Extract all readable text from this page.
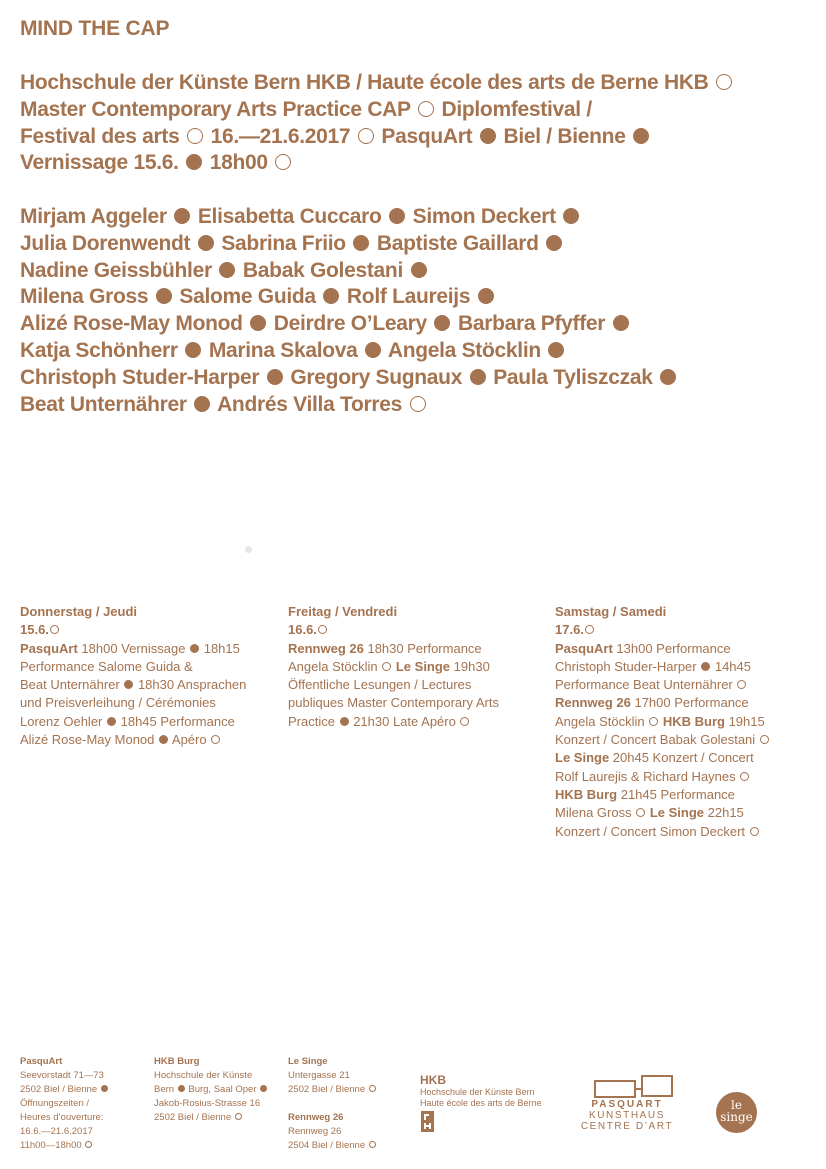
MIND THE CAP
Hochschule der Künste Bern HKB / Haute école des arts de Berne HKB
Master Contemporary Arts Practice CAP Diplomfestival /
Festival des arts 16.—21.6.2017 PasquArt Biel / Bienne
Vernissage 15.6. 18h00
Mirjam Aggeler Elisabetta Cuccaro Simon Deckert
Julia Dorenwendt Sabrina Friio Baptiste Gaillard
Nadine Geissbühler Babak Golestani
Milena Gross Salome Guida Rolf Laureijs
Alizé Rose-May Monod Deirdre O’Leary Barbara Pfyffer
Katja Schönherr Marina Skalova Angela Stöcklin
Christoph Studer-Harper Gregory Sugnaux Paula Tyliszczak
Beat Unternährer Andrés Villa Torres
Donnerstag / Jeudi
15.6.
PasquArt 18h00 Vernissage  18h15
Performance Salome Guida &
Beat Unternährer  18h30 Ansprachen
und Preisverleihung / Cérémonies
Lorenz Oehler  18h45 Performance
Alizé Rose-May Monod  Apéro
Freitag / Vendredi
16.6.
Rennweg 26 18h30 Performance
Angela Stöcklin  Le Singe 19h30
Öffentliche Lesungen / Lectures
publiques Master Contemporary Arts
Practice  21h30 Late Apéro
Samstag / Samedi
17.6.
PasquArt 13h00 Performance
Christoph Studer-Harper  14h45
Performance Beat Unternährer
Rennweg 26 17h00 Performance
Angela Stöcklin  HKB Burg 19h15
Konzert / Concert Babak Golestani
Le Singe 20h45 Konzert / Concert
Rolf Laurejis & Richard Haynes
HKB Burg 21h45 Performance
Milena Gross  Le Singe 22h15
Konzert / Concert Simon Deckert
PasquArt
Seevorstadt 71—73
2502 Biel / Bienne
Öffnungszeiten /
Heures d’ouverture:
16.6.—21.6.2017
11h00—18h00
HKB Burg
Hochschule der Künste
Bern  Burg, Saal Oper
Jakob-Rosius-Strasse 16
2502 Biel / Bienne
Le Singe
Untergasse 21
2502 Biel / Bienne

Rennweg 26
Rennweg 26
2504 Biel / Bienne
HKB
Hochschule der Künste Bern
Haute école des arts de Berne	PASQUART
KUNSTHAUS
CENTRE D’ART
le
singe
